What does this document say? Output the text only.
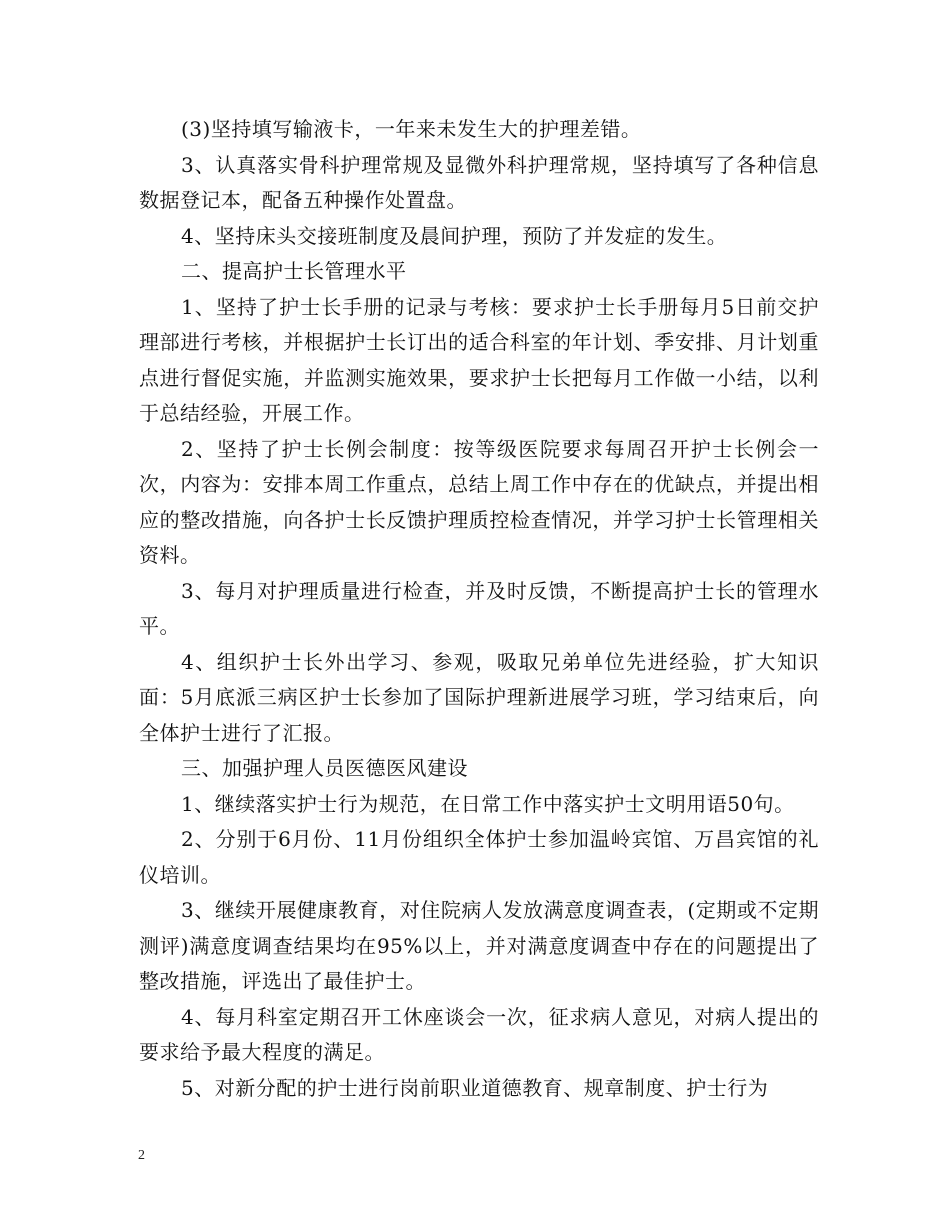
(3)坚持填写输液卡，一年来未发生大的护理差错。

3、认真落实骨科护理常规及显微外科护理常规，坚持填写了各种信息数据登记本，配备五种操作处置盘。

4、坚持床头交接班制度及晨间护理，预防了并发症的发生。

二、提高护士长管理水平

1、坚持了护士长手册的记录与考核：要求护士长手册每月5日前交护理部进行考核，并根据护士长订出的适合科室的年计划、季安排、月计划重点进行督促实施，并监测实施效果，要求护士长把每月工作做一小结，以利于总结经验，开展工作。

2、坚持了护士长例会制度：按等级医院要求每周召开护士长例会一次，内容为：安排本周工作重点，总结上周工作中存在的优缺点，并提出相应的整改措施，向各护士长反馈护理质控检查情况，并学习护士长管理相关资料。

3、每月对护理质量进行检查，并及时反馈，不断提高护士长的管理水平。

4、组织护士长外出学习、参观，吸取兄弟单位先进经验，扩大知识面：5月底派三病区护士长参加了国际护理新进展学习班，学习结束后，向全体护士进行了汇报。

三、加强护理人员医德医风建设

1、继续落实护士行为规范，在日常工作中落实护士文明用语50句。

2、分别于6月份、11月份组织全体护士参加温岭宾馆、万昌宾馆的礼仪培训。

3、继续开展健康教育，对住院病人发放满意度调查表，(定期或不定期测评)满意度调查结果均在95%以上，并对满意度调查中存在的问题提出了整改措施，评选出了最佳护士。

4、每月科室定期召开工休座谈会一次，征求病人意见，对病人提出的要求给予最大程度的满足。

5、对新分配的护士进行岗前职业道德教育、规章制度、护士行为

2
